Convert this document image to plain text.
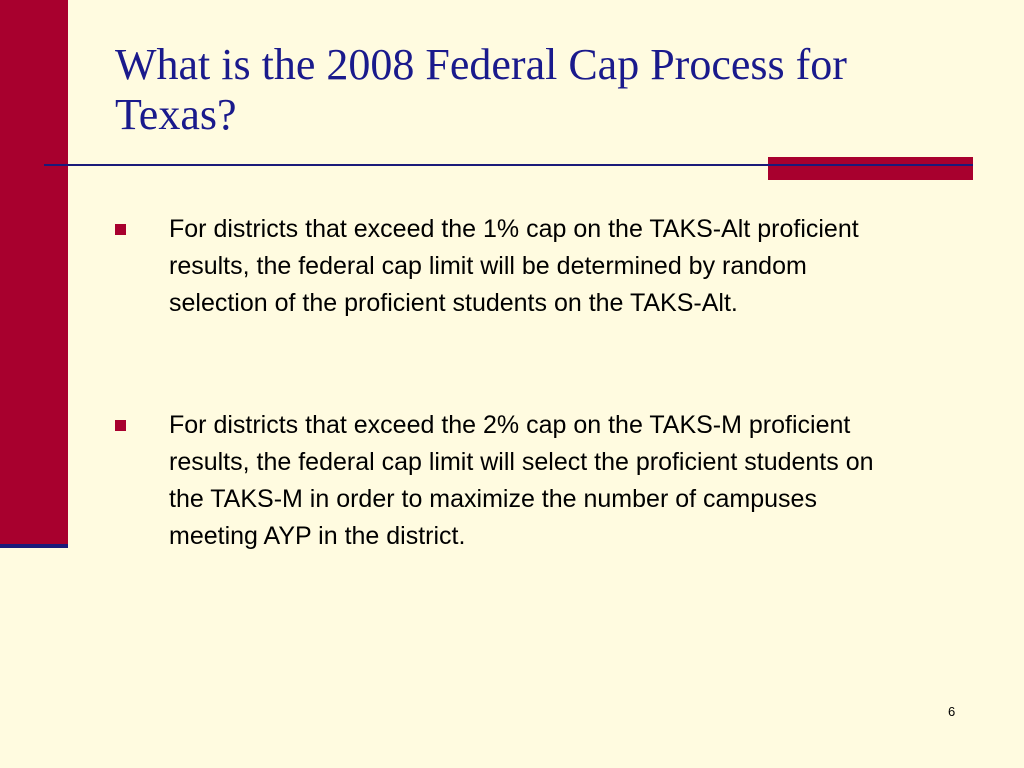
What is the 2008 Federal Cap Process for Texas?
For districts that exceed the 1% cap on the TAKS-Alt proficient results, the federal cap limit will be determined by random selection of the proficient students on the TAKS-Alt.
For districts that exceed the 2% cap on the TAKS-M proficient results, the federal cap limit will select the proficient students on the TAKS-M in order to maximize the number of campuses meeting AYP in the district.
6
